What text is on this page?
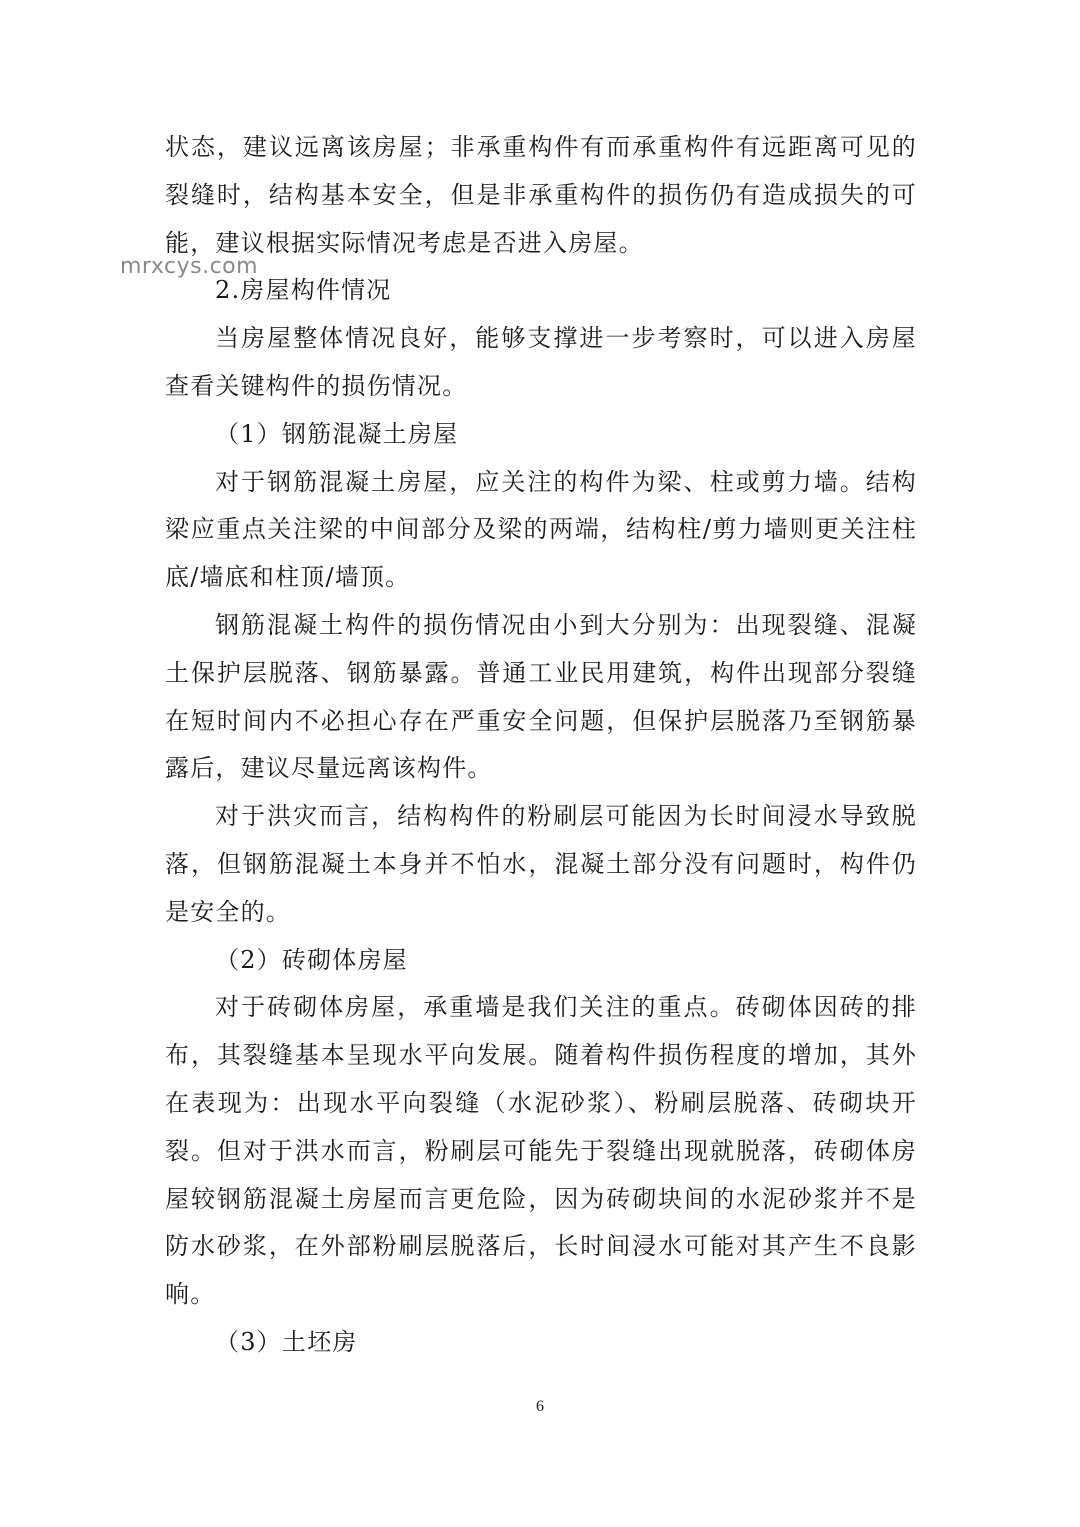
mrxcys.com

状态，建议远离该房屋；非承重构件有而承重构件有远距离可见的裂缝时，结构基本安全，但是非承重构件的损伤仍有造成损失的可能，建议根据实际情况考虑是否进入房屋。

2.房屋构件情况

当房屋整体情况良好，能够支撑进一步考察时，可以进入房屋查看关键构件的损伤情况。

（1）钢筋混凝土房屋

对于钢筋混凝土房屋，应关注的构件为梁、柱或剪力墙。结构梁应重点关注梁的中间部分及梁的两端，结构柱/剪力墙则更关注柱底/墙底和柱顶/墙顶。

钢筋混凝土构件的损伤情况由小到大分别为：出现裂缝、混凝土保护层脱落、钢筋暴露。普通工业民用建筑，构件出现部分裂缝在短时间内不必担心存在严重安全问题，但保护层脱落乃至钢筋暴露后，建议尽量远离该构件。

对于洪灾而言，结构构件的粉刷层可能因为长时间浸水导致脱落，但钢筋混凝土本身并不怕水，混凝土部分没有问题时，构件仍是安全的。

（2）砖砌体房屋

对于砖砌体房屋，承重墙是我们关注的重点。砖砌体因砖的排布，其裂缝基本呈现水平向发展。随着构件损伤程度的增加，其外在表现为：出现水平向裂缝（水泥砂浆）、粉刷层脱落、砖砌块开裂。但对于洪水而言，粉刷层可能先于裂缝出现就脱落，砖砌体房屋较钢筋混凝土房屋而言更危险，因为砖砌块间的水泥砂浆并不是防水砂浆，在外部粉刷层脱落后，长时间浸水可能对其产生不良影响。

（3）土坯房

6
